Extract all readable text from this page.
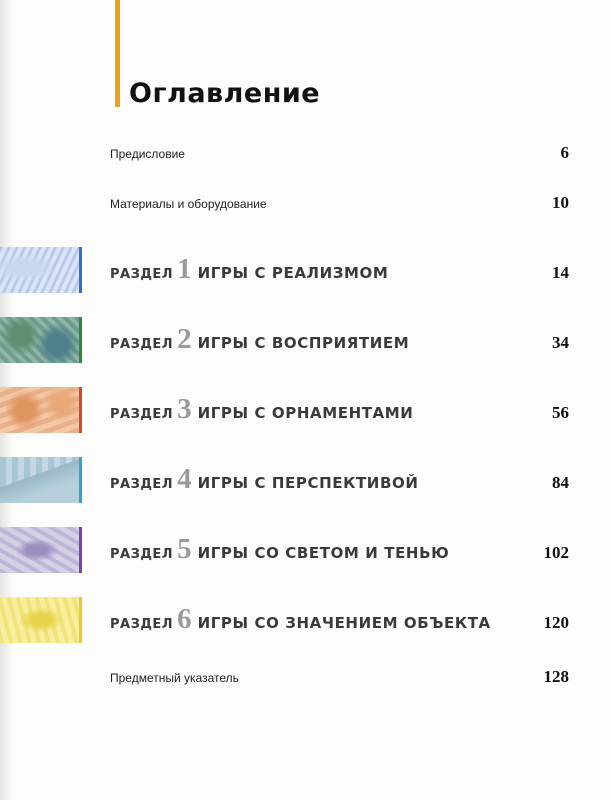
Оглавление
Предисловие	6
Материалы и оборудование	10
РАЗДЕЛ 1 ИГРЫ С РЕАЛИЗМОМ	14
РАЗДЕЛ 2 ИГРЫ С ВОСПРИЯТИЕМ	34
РАЗДЕЛ 3 ИГРЫ С ОРНАМЕНТАМИ	56
РАЗДЕЛ 4 ИГРЫ С ПЕРСПЕКТИВОЙ	84
РАЗДЕЛ 5 ИГРЫ СО СВЕТОМ И ТЕНЬЮ	102
РАЗДЕЛ 6 ИГРЫ СО ЗНАЧЕНИЕМ ОБЪЕКТА	120
Предметный указатель	128
